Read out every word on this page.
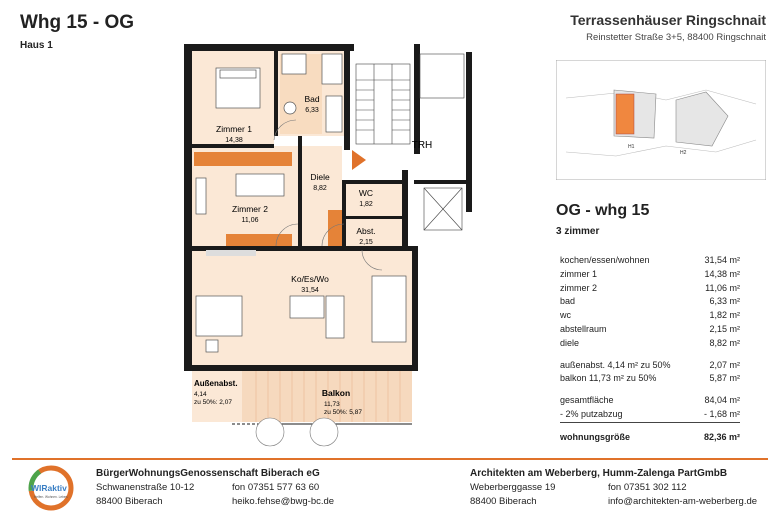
Whg 15 - OG
Haus 1
Terrassenhäuser Ringschnait
Reinstetter Straße 3+5, 88400 Ringschnait
H1
H2
Zimmer 1
14,38
Bad
6,33
Diele
8,82
Zimmer 2
11,06
WC
1,82
Abst.
2,15
Ko/Es/Wo
31,54
TRH
Außenabst.
4,14
zu 50%: 2,07
Balkon
11,73
zu 50%: 5,87
OG - whg 15
3 zimmer
kochen/essen/wohnen	31,54 m²
zimmer 1	14,38 m²
zimmer 2	11,06 m²
bad	6,33 m²
wc	1,82 m²
abstellraum	2,15 m²
diele	8,82 m²
außenabst. 4,14 m² zu 50%	2,07 m²
balkon 11,73 m² zu 50%	5,87 m²
gesamtfläche	84,04 m²
- 2% putzabzug	- 1,68 m²
wohnungsgröße	82,36 m²
WIRaktiv
Helfen. Wohnen. Leben.
BürgerWohnungsGenossenschaft Biberach eG
Schwanenstraße 10-12
88400 Biberach
fon 07351 577 63 60
heiko.fehse@bwg-bc.de
Architekten am Weberberg, Humm-Zalenga PartGmbB
Weberberggasse 19
88400 Biberach
fon 07351 302 112
info@architekten-am-weberberg.de
